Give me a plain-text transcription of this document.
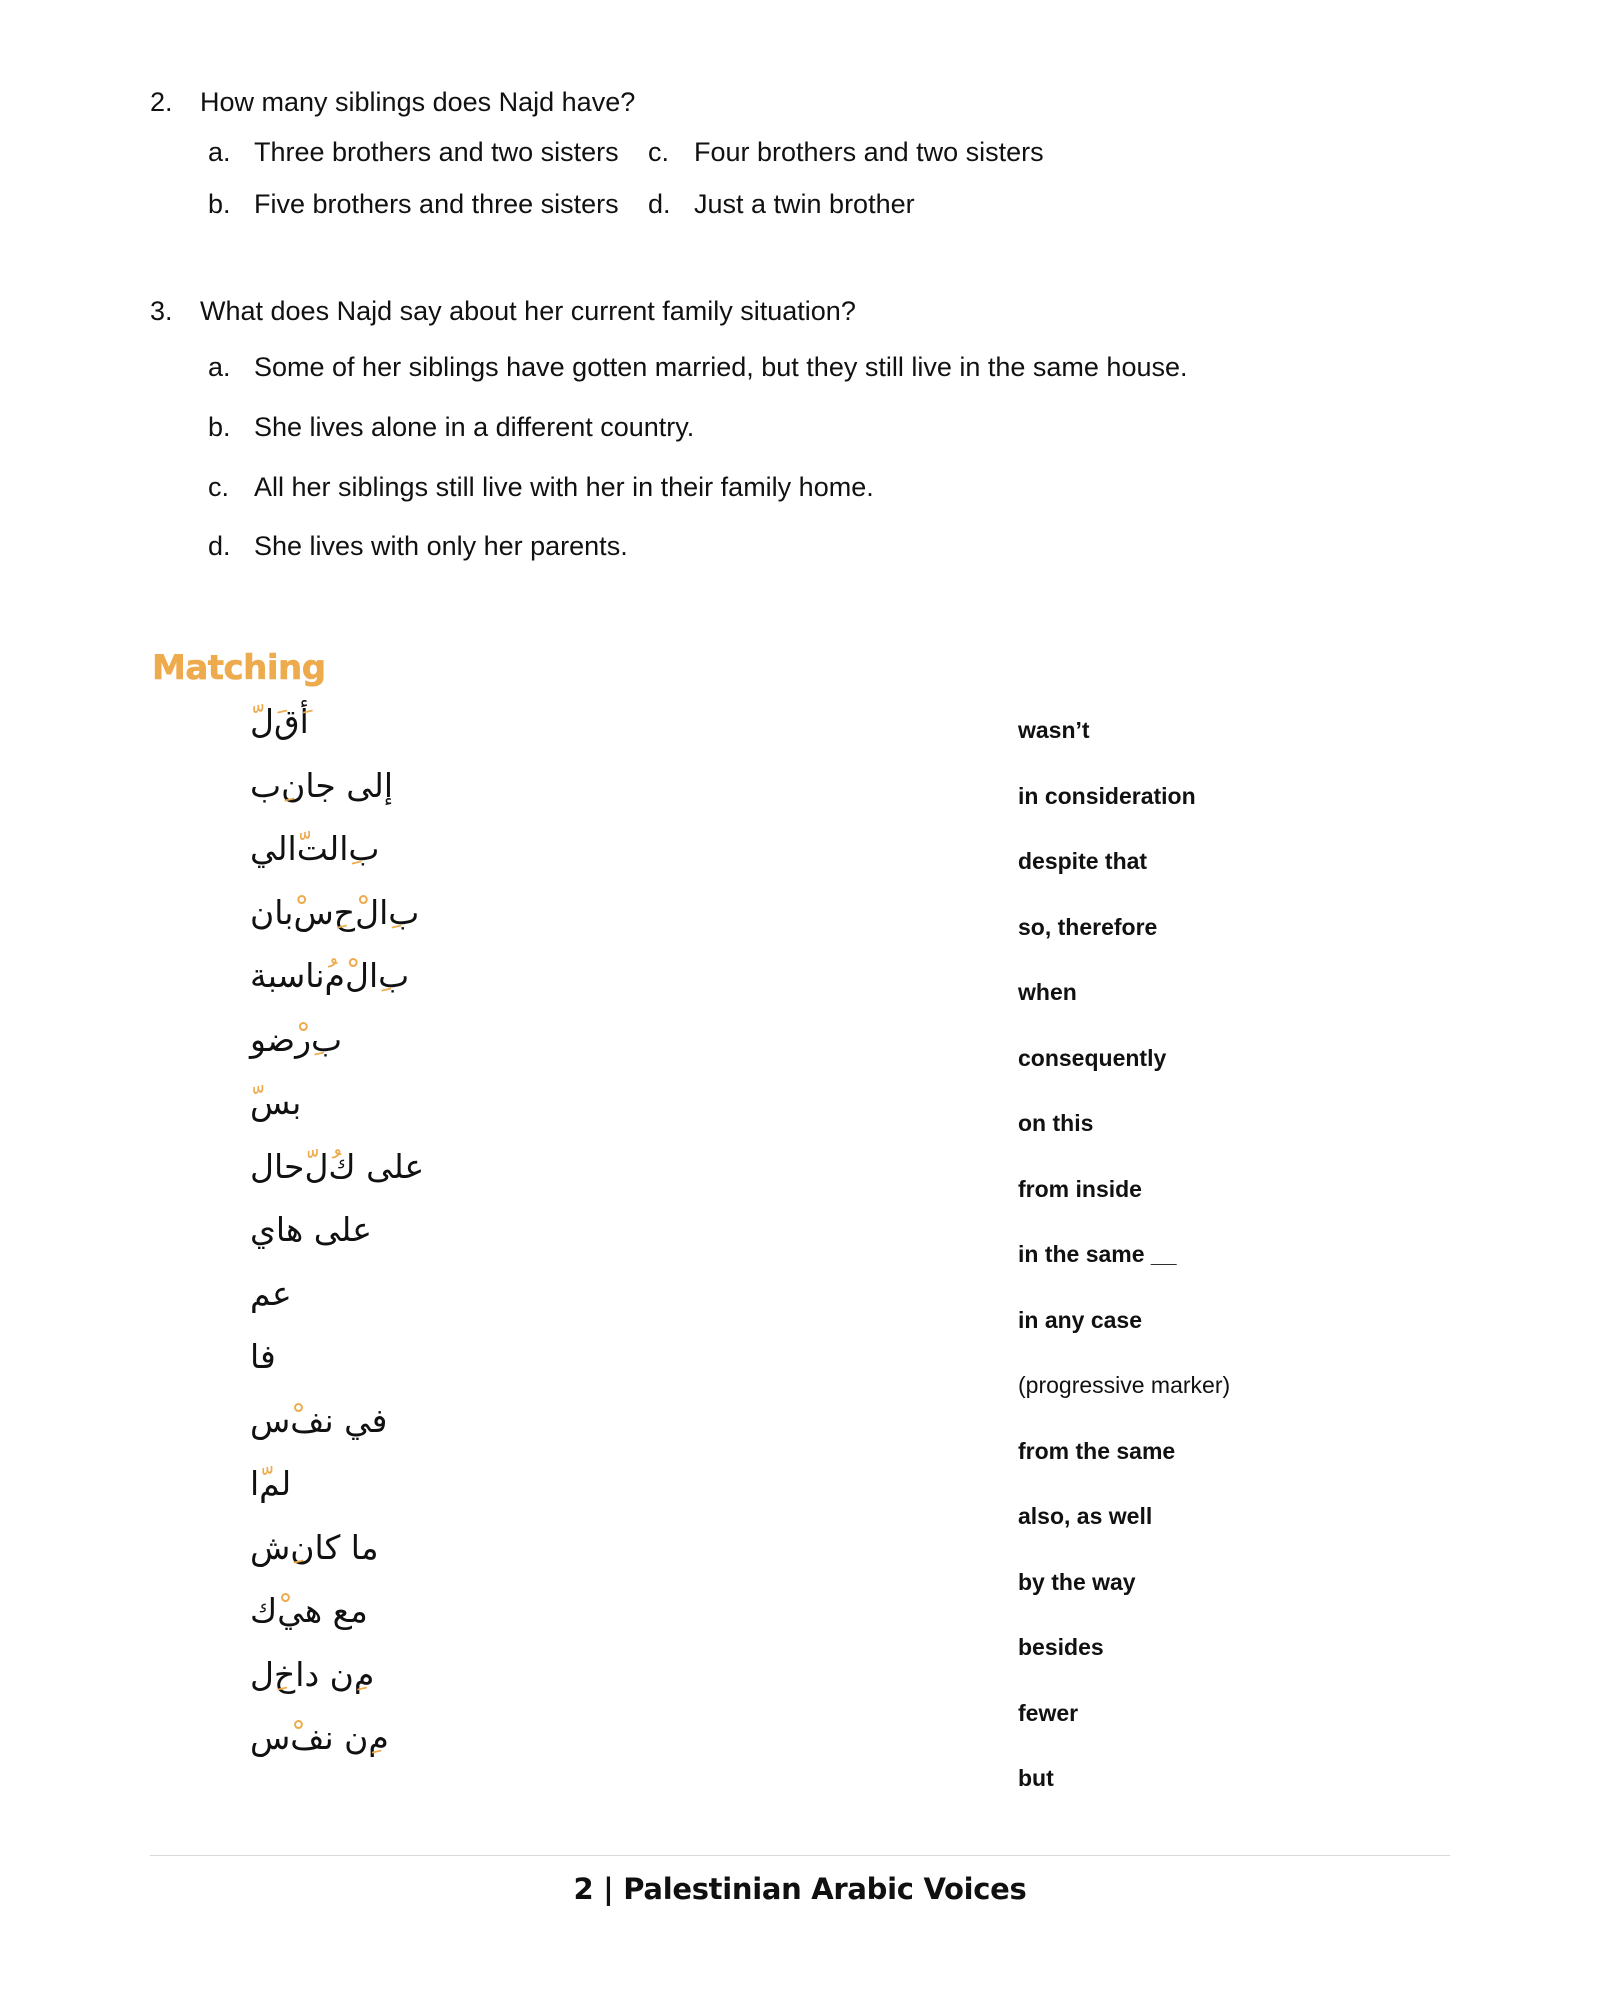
2.	How many siblings does Najd have?
a. Three brothers and two sisters c. Four brothers and two sisters
b. Five brothers and three sisters d. Just a twin brother
3.	What does Najd say about her current family situation?
a. Some of her siblings have gotten married, but they still live in the same house.
b. She lives alone in a different country.
c. All her siblings still live with her in their family home.
d. She lives with only her parents.
Matching
أ
ق
ل
إلى جان
ب
ب
الت
الي
ب
ال
ح
س
بان
ب
ال
م
ناسبة
ب
ر
ضو
بس
على ك
ل
حال
على هاي
عم
فا
في نف
س
لم
ا
ما كان
ش
مع هي
ك
م
ن داخ
ل
م
ن نف
س
wasn’t
in consideration
despite that
so, therefore
when
consequently
on this
from inside
in the same __
in any case
(progressive marker)
from the same
also, as well
by the way
besides
fewer
but
2 | Palestinian Arabic Voices
